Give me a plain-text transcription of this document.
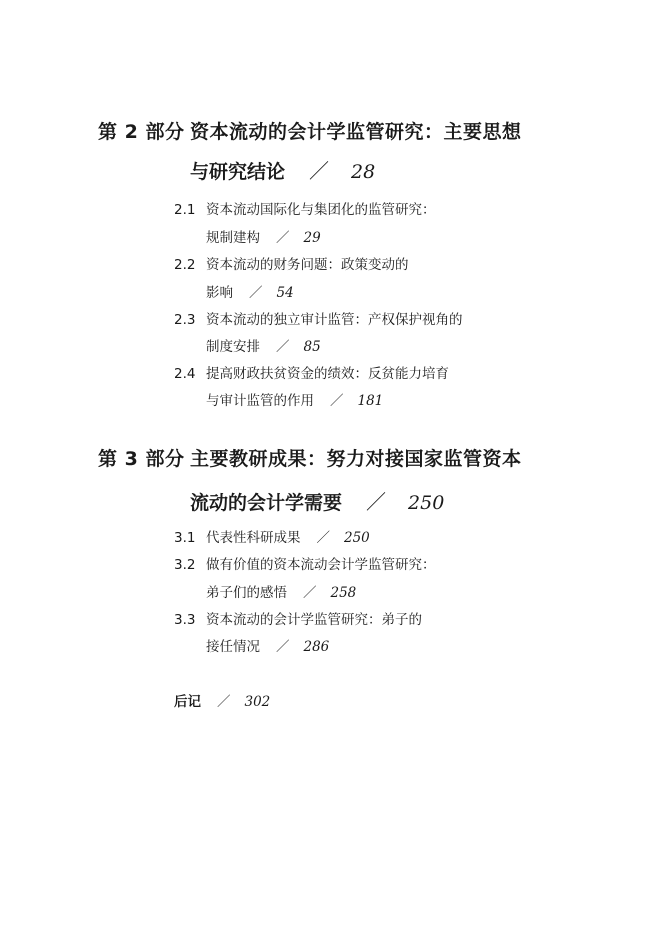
第 2 部分 资本流动的会计学监管研究：主要思想
与研究结论 ／ 28
2.1 资本流动国际化与集团化的监管研究：
规制建构 ／ 29
2.2 资本流动的财务问题：政策变动的
影响 ／ 54
2.3 资本流动的独立审计监管：产权保护视角的
制度安排 ／ 85
2.4 提高财政扶贫资金的绩效：反贫能力培育
与审计监管的作用 ／ 181
第 3 部分 主要教研成果：努力对接国家监管资本
流动的会计学需要 ／ 250
3.1 代表性科研成果 ／ 250
3.2 做有价值的资本流动会计学监管研究：
弟子们的感悟 ／ 258
3.3 资本流动的会计学监管研究：弟子的
接任情况 ／ 286
后记 ／ 302
